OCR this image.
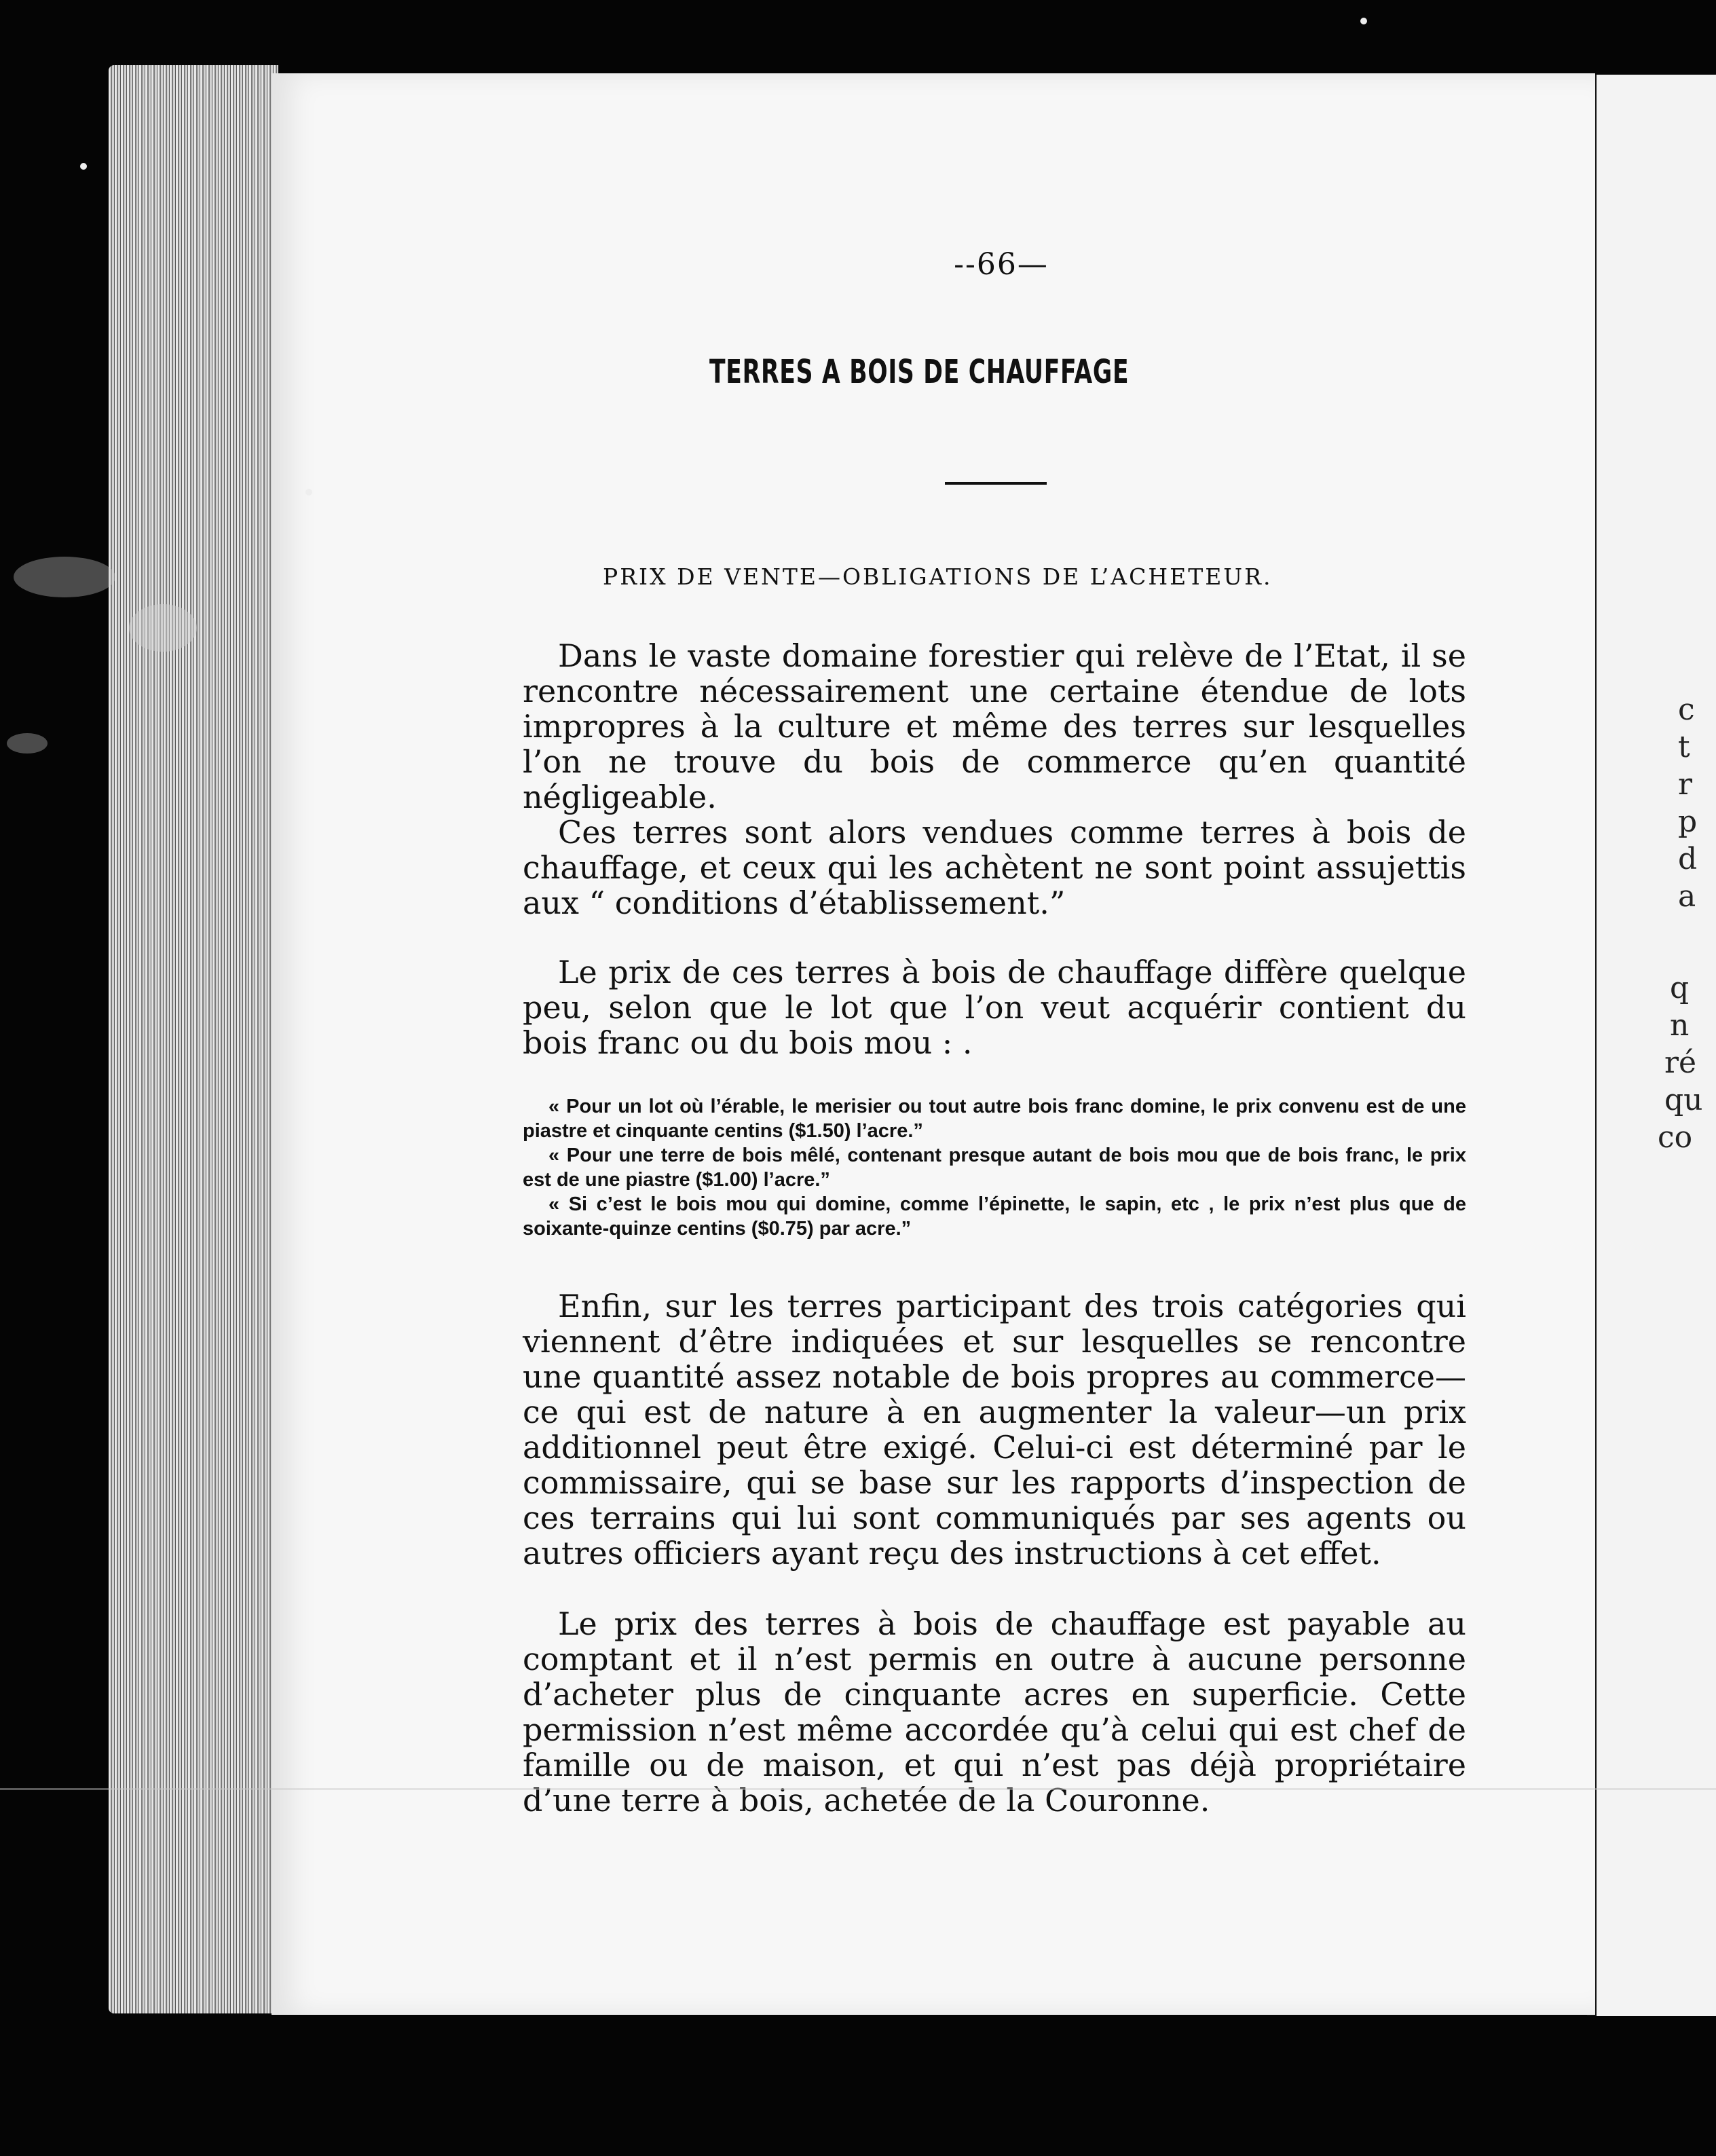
c
t
r
p
d
a
q
n
ré
qu
co
--66—
TERRES A BOIS DE CHAUFFAGE
PRIX DE VENTE—OBLIGATIONS DE L’ACHETEUR.
Dans le vaste domaine forestier qui relève de l’Etat, il se rencontre nécessairement une certaine étendue de lots impropres à la culture et même des terres sur lesquelles l’on ne trouve du bois de commerce qu’en quantité négligeable.
Ces terres sont alors vendues comme terres à bois de chauffage, et ceux qui les achètent ne sont point assujettis aux “ conditions d’établissement.”
Le prix de ces terres à bois de chauffage diffère quelque peu, selon que le lot que l’on veut acquérir contient du bois franc ou du bois mou : .
« Pour un lot où l’érable, le merisier ou tout autre bois franc domine, le prix convenu est de une piastre et cinquante centins ($1.50) l’acre.”
« Pour une terre de bois mêlé, contenant presque autant de bois mou que de bois franc, le prix est de une piastre ($1.00) l’acre.”
« Si c’est le bois mou qui domine, comme l’épinette, le sapin, etc , le prix n’est plus que de soixante-quinze centins ($0.75) par acre.”
Enfin, sur les terres participant des trois catégories qui viennent d’être indiquées et sur lesquelles se rencontre une quantité assez notable de bois propres au commerce—ce qui est de nature à en augmenter la valeur—un prix additionnel peut être exigé. Celui-ci est déterminé par le commissaire, qui se base sur les rapports d’inspection de ces terrains qui lui sont communiqués par ses agents ou autres officiers ayant reçu des instructions à cet effet.
Le prix des terres à bois de chauffage est payable au comptant et il n’est permis en outre à aucune personne d’acheter plus de cinquante acres en superficie. Cette permission n’est même accordée qu’à celui qui est chef de famille ou de maison, et qui n’est pas déjà propriétaire d’une terre à bois, achetée de la Couronne.
